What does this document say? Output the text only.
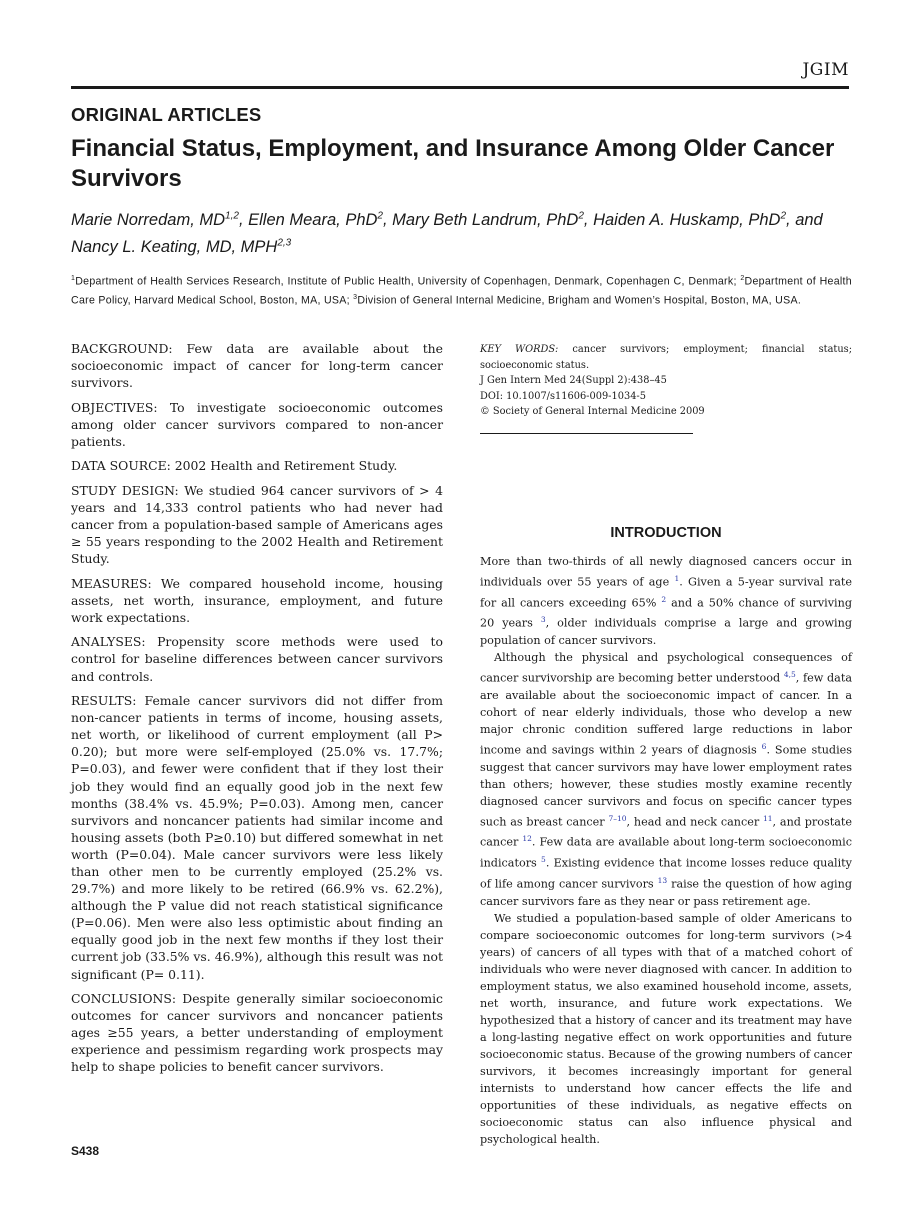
JGIM
ORIGINAL ARTICLES
Financial Status, Employment, and Insurance Among Older Cancer Survivors
Marie Norredam, MD$^{1,2}$, Ellen Meara, PhD$^2$, Mary Beth Landrum, PhD$^2$, Haiden A. Huskamp, PhD$^2$, and Nancy L. Keating, MD, MPH$^{2,3}$
$^1$Department of Health Services Research, Institute of Public Health, University of Copenhagen, Denmark, Copenhagen C, Denmark; $^2$Department of Health Care Policy, Harvard Medical School, Boston, MA, USA; $^3$Division of General Internal Medicine, Brigham and Women’s Hospital, Boston, MA, USA.

BACKGROUND: Few data are available about the socioeconomic impact of cancer for long-term cancer survivors.

OBJECTIVES: To investigate socioeconomic outcomes among older cancer survivors compared to non-ancer patients.

DATA SOURCE: 2002 Health and Retirement Study.

STUDY DESIGN: We studied 964 cancer survivors of > 4 years and 14,333 control patients who had never had cancer from a population-based sample of Americans ages ≥ 55 years responding to the 2002 Health and Retirement Study.

MEASURES: We compared household income, housing assets, net worth, insurance, employment, and future work expectations.

ANALYSES: Propensity score methods were used to control for baseline differences between cancer survivors and controls.

RESULTS: Female cancer survivors did not differ from non-cancer patients in terms of income, housing assets, net worth, or likelihood of current employment (all P> 0.20); but more were self-employed (25.0% vs. 17.7%; P=0.03), and fewer were confident that if they lost their job they would find an equally good job in the next few months (38.4% vs. 45.9%; P=0.03). Among men, cancer survivors and noncancer patients had similar income and housing assets (both P≥0.10) but differed somewhat in net worth (P=0.04). Male cancer survivors were less likely than other men to be currently employed (25.2% vs. 29.7%) and more likely to be retired (66.9% vs. 62.2%), although the P value did not reach statistical significance (P=0.06). Men were also less optimistic about finding an equally good job in the next few months if they lost their current job (33.5% vs. 46.9%), although this result was not significant (P= 0.11).

CONCLUSIONS: Despite generally similar socioeconomic outcomes for cancer survivors and noncancer patients ages ≥55 years, a better understanding of employment experience and pessimism regarding work prospects may help to shape policies to benefit cancer survivors.

KEY WORDS: cancer survivors; employment; financial status; socioeconomic status.
J Gen Intern Med 24(Suppl 2):438–45
DOI: 10.1007/s11606-009-1034-5
© Society of General Internal Medicine 2009
INTRODUCTION

More than two-thirds of all newly diagnosed cancers occur in individuals over 55 years of age $^1$. Given a 5-year survival rate for all cancers exceeding 65% $^2$ and a 50% chance of surviving 20 years $^3$, older individuals comprise a large and growing population of cancer survivors.

Although the physical and psychological consequences of cancer survivorship are becoming better understood $^{4,5}$, few data are available about the socioeconomic impact of cancer. In a cohort of near elderly individuals, those who develop a new major chronic condition suffered large reductions in labor income and savings within 2 years of diagnosis $^6$. Some studies suggest that cancer survivors may have lower employment rates than others; however, these studies mostly examine recently diagnosed cancer survivors and focus on specific cancer types such as breast cancer $^{7-10}$, head and neck cancer $^{11}$, and prostate cancer $^{12}$. Few data are available about long-term socioeconomic indicators $^5$. Existing evidence that income losses reduce quality of life among cancer survivors $^{13}$ raise the question of how aging cancer survivors fare as they near or pass retirement age.

We studied a population-based sample of older Americans to compare socioeconomic outcomes for long-term survivors (>4 years) of cancers of all types with that of a matched cohort of individuals who were never diagnosed with cancer. In addition to employment status, we also examined household income, assets, net worth, insurance, and future work expectations. We hypothesized that a history of cancer and its treatment may have a long-lasting negative effect on work opportunities and future socioeconomic status. Because of the growing numbers of cancer survivors, it becomes increasingly important for general internists to understand how cancer effects the life and opportunities of these individuals, as negative effects on socioeconomic status can also influence physical and psychological health.

S438
